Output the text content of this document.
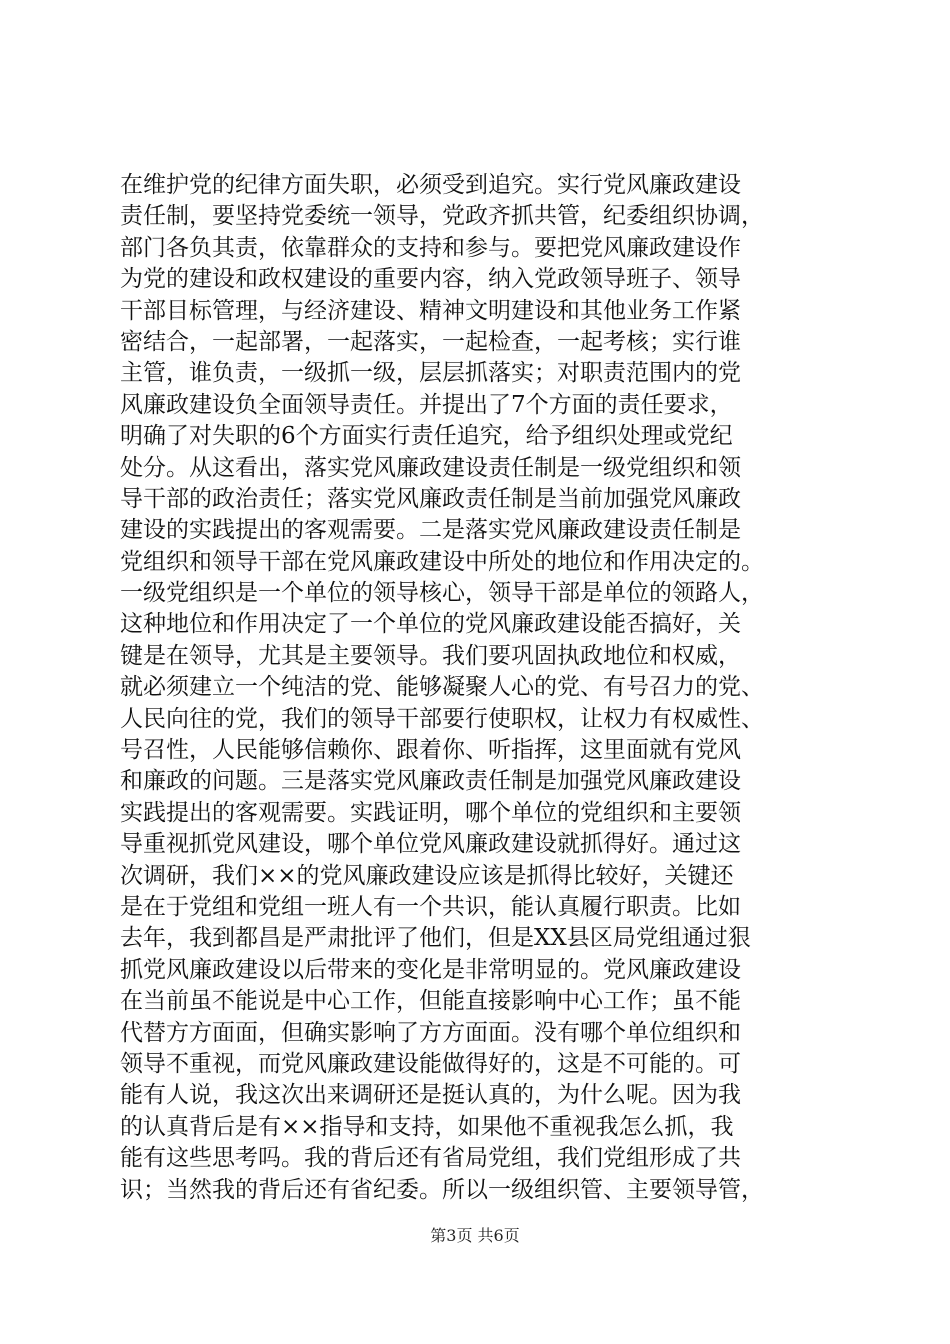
在维护党的纪律方面失职，必须受到追究。实行党风廉政建设
责任制，要坚持党委统一领导，党政齐抓共管，纪委组织协调，
部门各负其责，依靠群众的支持和参与。要把党风廉政建设作
为党的建设和政权建设的重要内容，纳入党政领导班子、领导
干部目标管理，与经济建设、精神文明建设和其他业务工作紧
密结合，一起部署，一起落实，一起检查，一起考核；实行谁
主管，谁负责，一级抓一级，层层抓落实；对职责范围内的党
风廉政建设负全面领导责任。并提出了7个方面的责任要求，
明确了对失职的6个方面实行责任追究，给予组织处理或党纪
处分。从这看出，落实党风廉政建设责任制是一级党组织和领
导干部的政治责任；落实党风廉政责任制是当前加强党风廉政
建设的实践提出的客观需要。二是落实党风廉政建设责任制是
党组织和领导干部在党风廉政建设中所处的地位和作用决定的。
一级党组织是一个单位的领导核心，领导干部是单位的领路人，
这种地位和作用决定了一个单位的党风廉政建设能否搞好，关
键是在领导，尤其是主要领导。我们要巩固执政地位和权威，
就必须建立一个纯洁的党、能够凝聚人心的党、有号召力的党、
人民向往的党，我们的领导干部要行使职权，让权力有权威性、
号召性，人民能够信赖你、跟着你、听指挥，这里面就有党风
和廉政的问题。三是落实党风廉政责任制是加强党风廉政建设
实践提出的客观需要。实践证明，哪个单位的党组织和主要领
导重视抓党风建设，哪个单位党风廉政建设就抓得好。通过这
次调研，我们××的党风廉政建设应该是抓得比较好，关键还
是在于党组和党组一班人有一个共识，能认真履行职责。比如
去年，我到都昌是严肃批评了他们，但是XX县区局党组通过狠
抓党风廉政建设以后带来的变化是非常明显的。党风廉政建设
在当前虽不能说是中心工作，但能直接影响中心工作；虽不能
代替方方面面，但确实影响了方方面面。没有哪个单位组织和
领导不重视，而党风廉政建设能做得好的，这是不可能的。可
能有人说，我这次出来调研还是挺认真的，为什么呢。因为我
的认真背后是有××指导和支持，如果他不重视我怎么抓，我
能有这些思考吗。我的背后还有省局党组，我们党组形成了共
识；当然我的背后还有省纪委。所以一级组织管、主要领导管，
第3页 共6页
